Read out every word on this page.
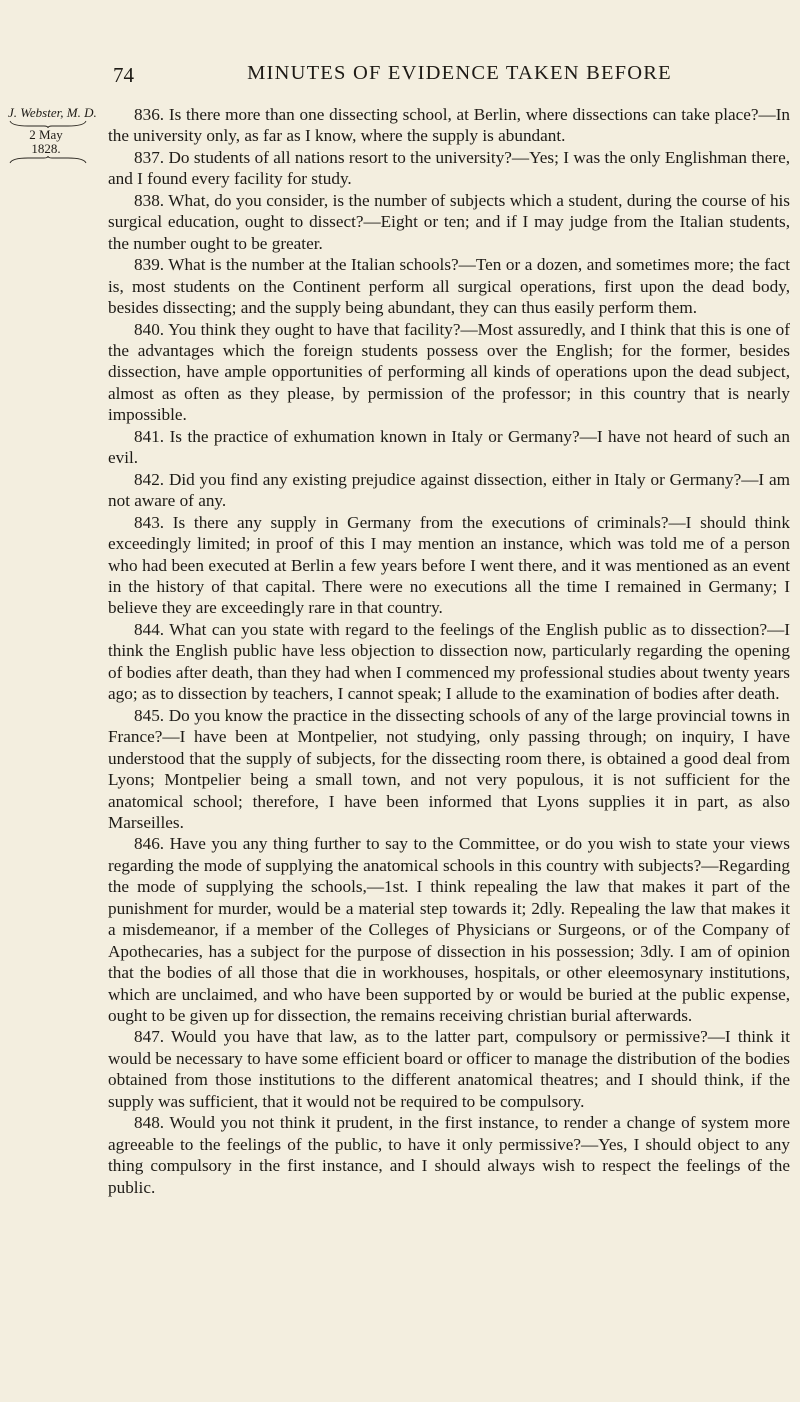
74	MINUTES OF EVIDENCE TAKEN BEFORE
J. Webster, M. D.
2 May
1828.

836. Is there more than one dissecting school, at Berlin, where dissections can take place?—In the university only, as far as I know, where the supply is abundant.

837. Do students of all nations resort to the university?—Yes; I was the only Englishman there, and I found every facility for study.

838. What, do you consider, is the number of subjects which a student, during the course of his surgical education, ought to dissect?—Eight or ten; and if I may judge from the Italian students, the number ought to be greater.

839. What is the number at the Italian schools?—Ten or a dozen, and sometimes more; the fact is, most students on the Continent perform all surgical operations, first upon the dead body, besides dissecting; and the supply being abundant, they can thus easily perform them.

840. You think they ought to have that facility?—Most assuredly, and I think that this is one of the advantages which the foreign students possess over the English; for the former, besides dissection, have ample opportunities of performing all kinds of operations upon the dead subject, almost as often as they please, by permission of the professor; in this country that is nearly impossible.

841. Is the practice of exhumation known in Italy or Germany?—I have not heard of such an evil.

842. Did you find any existing prejudice against dissection, either in Italy or Germany?—I am not aware of any.

843. Is there any supply in Germany from the executions of criminals?—I should think exceedingly limited; in proof of this I may mention an instance, which was told me of a person who had been executed at Berlin a few years before I went there, and it was mentioned as an event in the history of that capital. There were no executions all the time I remained in Germany; I believe they are exceedingly rare in that country.

844. What can you state with regard to the feelings of the English public as to dissection?—I think the English public have less objection to dissection now, particularly regarding the opening of bodies after death, than they had when I commenced my professional studies about twenty years ago; as to dissection by teachers, I cannot speak; I allude to the examination of bodies after death.

845. Do you know the practice in the dissecting schools of any of the large provincial towns in France?—I have been at Montpelier, not studying, only passing through; on inquiry, I have understood that the supply of subjects, for the dissecting room there, is obtained a good deal from Lyons; Montpelier being a small town, and not very populous, it is not sufficient for the anatomical school; therefore, I have been informed that Lyons supplies it in part, as also Marseilles.

846. Have you any thing further to say to the Committee, or do you wish to state your views regarding the mode of supplying the anatomical schools in this country with subjects?—Regarding the mode of supplying the schools,—1st. I think repealing the law that makes it part of the punishment for murder, would be a material step towards it; 2dly. Repealing the law that makes it a misdemeanor, if a member of the Colleges of Physicians or Surgeons, or of the Company of Apothecaries, has a subject for the purpose of dissection in his possession; 3dly. I am of opinion that the bodies of all those that die in workhouses, hospitals, or other eleemosynary institutions, which are unclaimed, and who have been supported by or would be buried at the public expense, ought to be given up for dissection, the remains receiving christian burial afterwards.

847. Would you have that law, as to the latter part, compulsory or permissive?—I think it would be necessary to have some efficient board or officer to manage the distribution of the bodies obtained from those institutions to the different anatomical theatres; and I should think, if the supply was sufficient, that it would not be required to be compulsory.

848. Would you not think it prudent, in the first instance, to render a change of system more agreeable to the feelings of the public, to have it only permissive?—Yes, I should object to any thing compulsory in the first instance, and I should always wish to respect the feelings of the public.
